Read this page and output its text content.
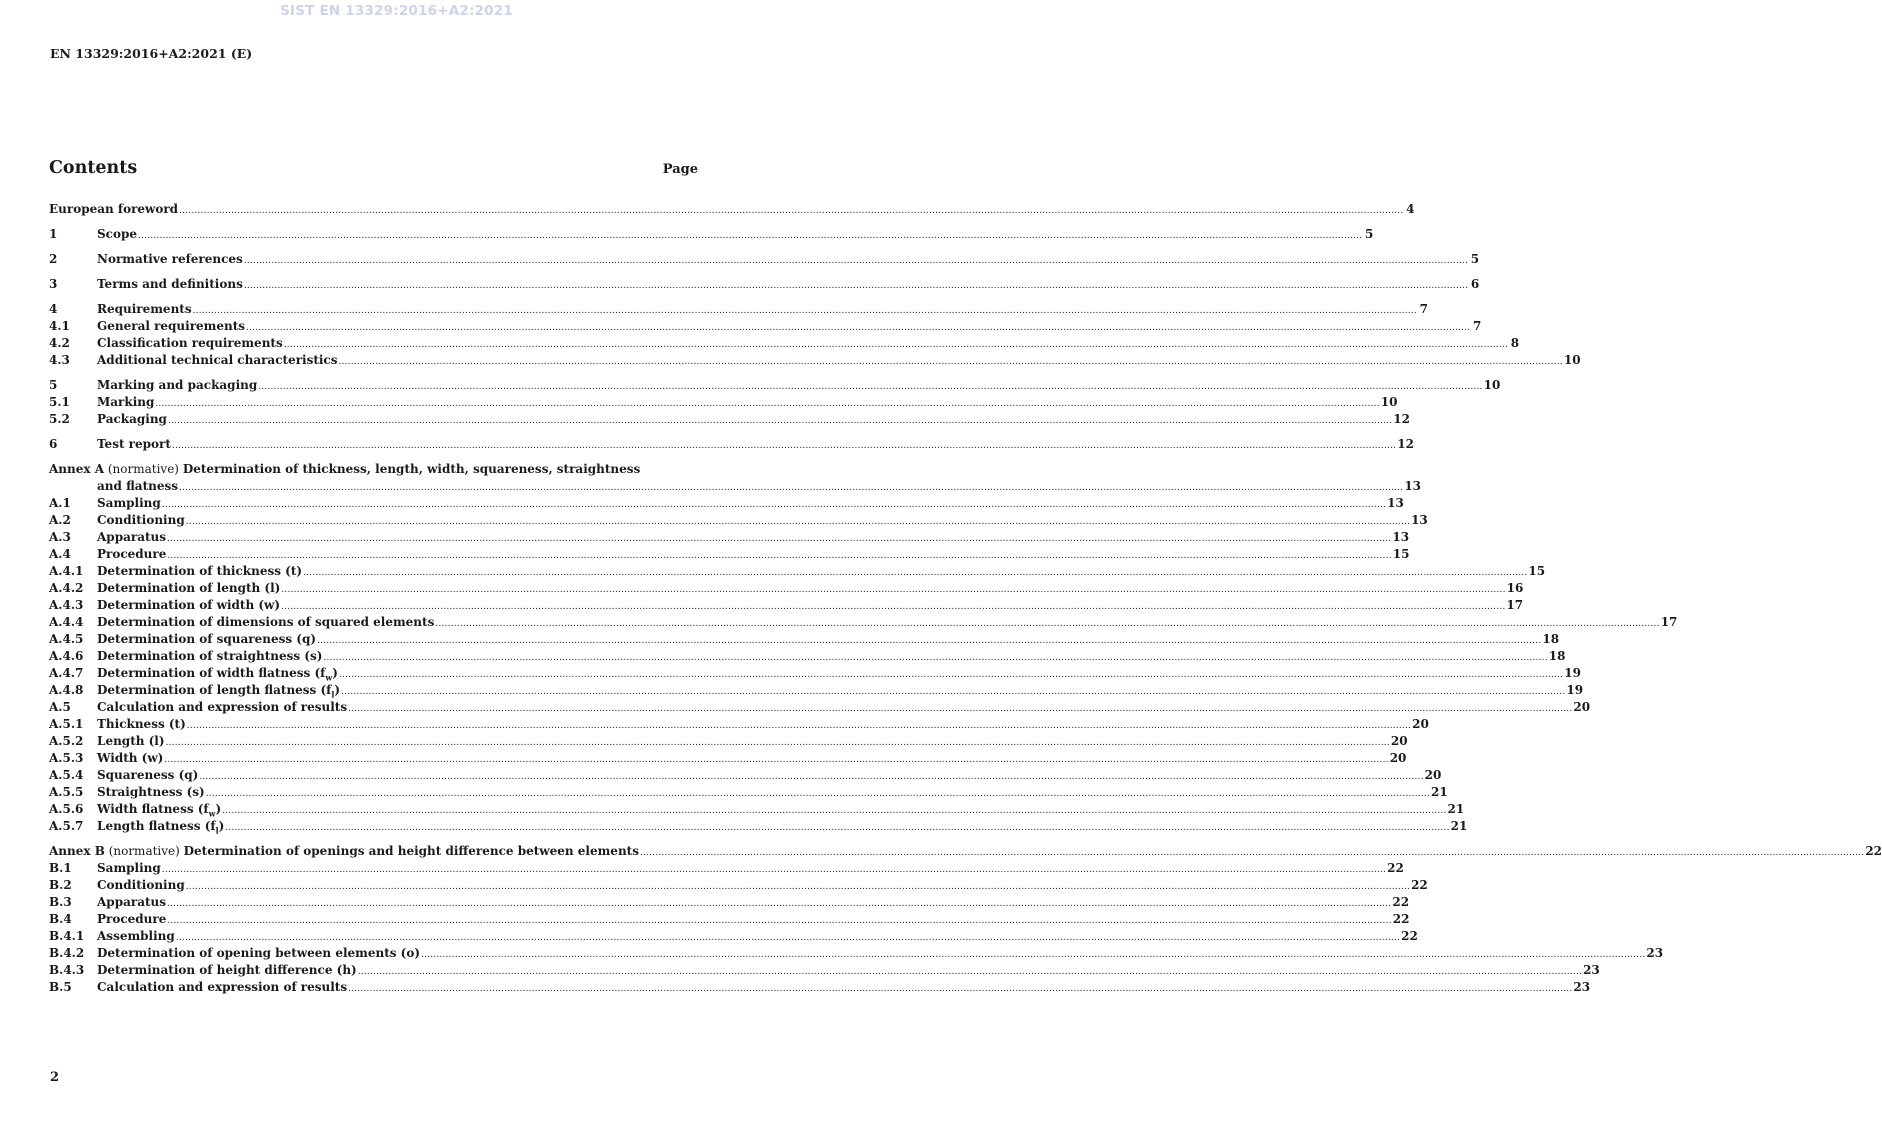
SIST EN 13329:2016+A2:2021
EN 13329:2016+A2:2021 (E)
Contents	Page
European foreword ................................................................................................................................................................................................................................................................................................................................................................................................................ 4
1	Scope ................................................................................................................................................................................................................................................................................................................................................................................................................ 5
2	Normative references ................................................................................................................................................................................................................................................................................................................................................................................................................ 5
3	Terms and definitions ................................................................................................................................................................................................................................................................................................................................................................................................................ 6
4	Requirements ................................................................................................................................................................................................................................................................................................................................................................................................................ 7
4.1	General requirements ................................................................................................................................................................................................................................................................................................................................................................................................................ 7
4.2	Classification requirements ................................................................................................................................................................................................................................................................................................................................................................................................................ 8
4.3	Additional technical characteristics ................................................................................................................................................................................................................................................................................................................................................................................................................ 10
5	Marking and packaging ................................................................................................................................................................................................................................................................................................................................................................................................................ 10
5.1	Marking ................................................................................................................................................................................................................................................................................................................................................................................................................ 10
5.2	Packaging ................................................................................................................................................................................................................................................................................................................................................................................................................ 12
6	Test report ................................................................................................................................................................................................................................................................................................................................................................................................................ 12
Annex A (normative) Determination of thickness, length, width, squareness, straightness
and flatness ................................................................................................................................................................................................................................................................................................................................................................................................................ 13
A.1	Sampling ................................................................................................................................................................................................................................................................................................................................................................................................................ 13
A.2	Conditioning ................................................................................................................................................................................................................................................................................................................................................................................................................ 13
A.3	Apparatus ................................................................................................................................................................................................................................................................................................................................................................................................................ 13
A.4	Procedure ................................................................................................................................................................................................................................................................................................................................................................................................................ 15
A.4.1	Determination of thickness (t) ................................................................................................................................................................................................................................................................................................................................................................................................................ 15
A.4.2	Determination of length (l) ................................................................................................................................................................................................................................................................................................................................................................................................................ 16
A.4.3	Determination of width (w) ................................................................................................................................................................................................................................................................................................................................................................................................................ 17
A.4.4	Determination of dimensions of squared elements ................................................................................................................................................................................................................................................................................................................................................................................................................ 17
A.4.5	Determination of squareness (q) ................................................................................................................................................................................................................................................................................................................................................................................................................ 18
A.4.6	Determination of straightness (s) ................................................................................................................................................................................................................................................................................................................................................................................................................ 18
A.4.7	Determination of width flatness $(f_w)$ ................................................................................................................................................................................................................................................................................................................................................................................................................ 19
A.4.8	Determination of length flatness $(f_l)$ ................................................................................................................................................................................................................................................................................................................................................................................................................ 19
A.5	Calculation and expression of results ................................................................................................................................................................................................................................................................................................................................................................................................................ 20
A.5.1	Thickness (t) ................................................................................................................................................................................................................................................................................................................................................................................................................ 20
A.5.2	Length (l) ................................................................................................................................................................................................................................................................................................................................................................................................................ 20
A.5.3	Width (w) ................................................................................................................................................................................................................................................................................................................................................................................................................ 20
A.5.4	Squareness (q) ................................................................................................................................................................................................................................................................................................................................................................................................................ 20
A.5.5	Straightness (s) ................................................................................................................................................................................................................................................................................................................................................................................................................ 21
A.5.6	Width flatness $(f_w)$ ................................................................................................................................................................................................................................................................................................................................................................................................................ 21
A.5.7	Length flatness $(f_l)$ ................................................................................................................................................................................................................................................................................................................................................................................................................ 21
Annex B (normative) Determination of openings and height difference between elements ................................................................................................................................................................................................................................................................................................................................................................................................................ 22
B.1	Sampling ................................................................................................................................................................................................................................................................................................................................................................................................................ 22
B.2	Conditioning ................................................................................................................................................................................................................................................................................................................................................................................................................ 22
B.3	Apparatus ................................................................................................................................................................................................................................................................................................................................................................................................................ 22
B.4	Procedure ................................................................................................................................................................................................................................................................................................................................................................................................................ 22
B.4.1	Assembling ................................................................................................................................................................................................................................................................................................................................................................................................................ 22
B.4.2	Determination of opening between elements (o) ................................................................................................................................................................................................................................................................................................................................................................................................................ 23
B.4.3	Determination of height difference (h) ................................................................................................................................................................................................................................................................................................................................................................................................................ 23
B.5	Calculation and expression of results ................................................................................................................................................................................................................................................................................................................................................................................................................ 23
2
